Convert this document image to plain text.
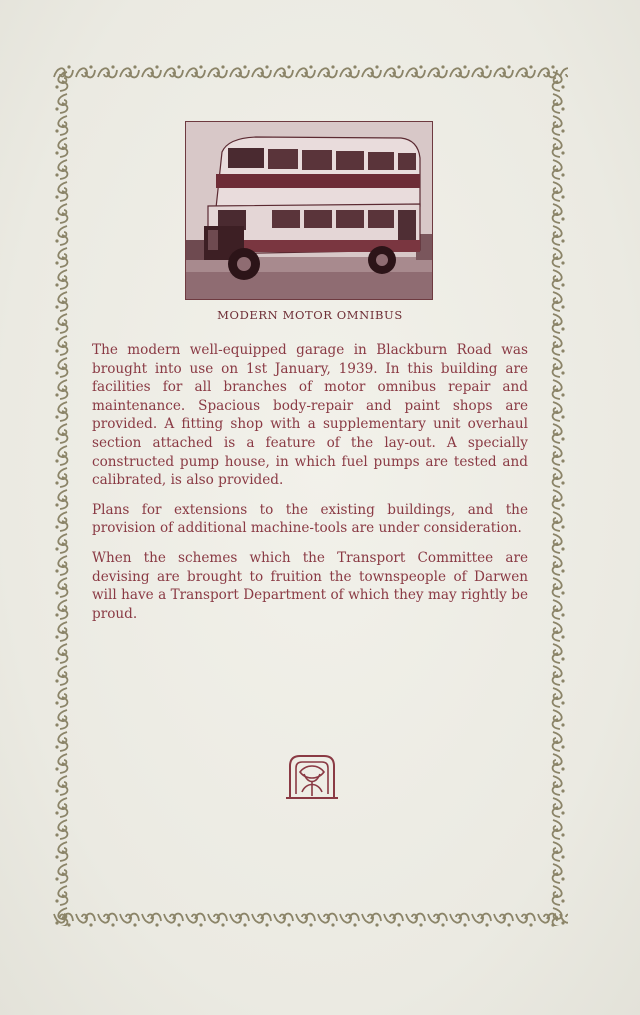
MODERN MOTOR OMNIBUS

The modern well-equipped garage in Blackburn Road was brought into use on 1st January, 1939. In this building are facilities for all branches of motor omnibus repair and maintenance. Spacious body-repair and paint shops are provided. A fitting shop with a supplementary unit overhaul section attached is a feature of the lay-out. A specially constructed pump house, in which fuel pumps are tested and calibrated, is also provided.

Plans for extensions to the existing buildings, and the provision of additional machine-tools are under consideration.

When the schemes which the Transport Committee are devising are brought to fruition the townspeople of Darwen will have a Transport Department of which they may rightly be proud.
